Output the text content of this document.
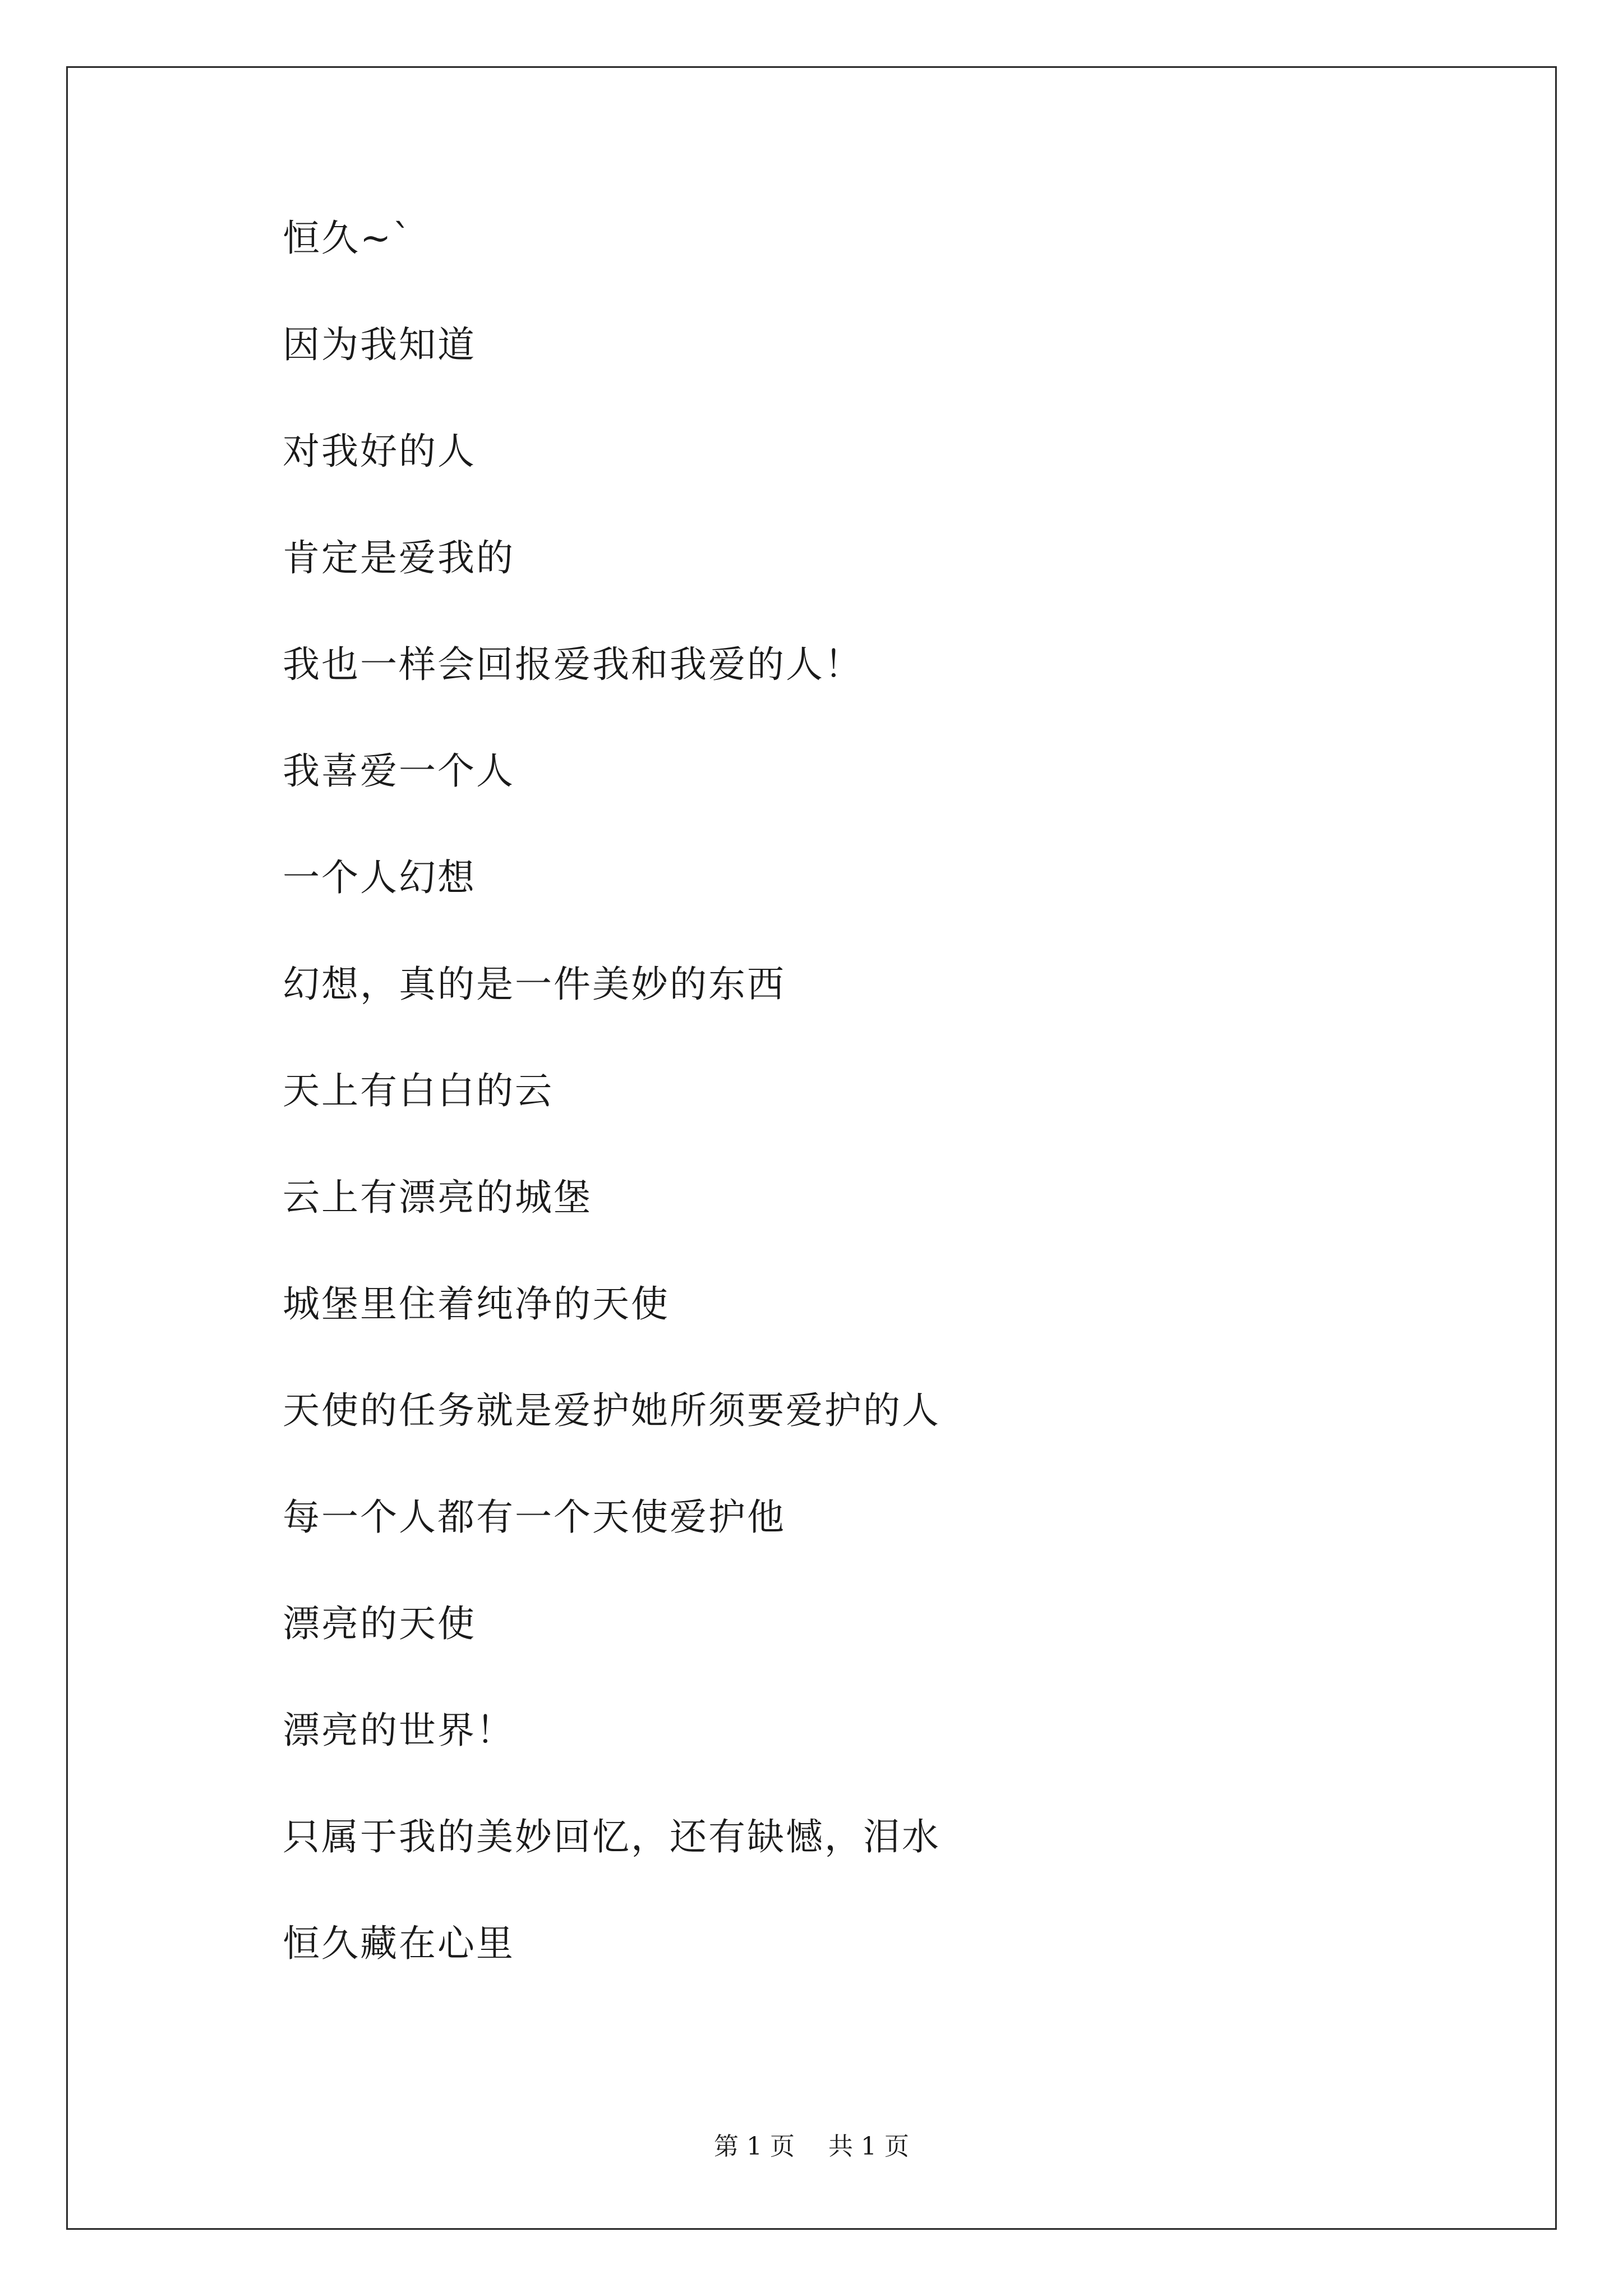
恒久~`
因为我知道
对我好的人
肯定是爱我的
我也一样会回报爱我和我爱的人！
我喜爱一个人
一个人幻想
幻想，真的是一件美妙的东西
天上有白白的云
云上有漂亮的城堡
城堡里住着纯净的天使
天使的任务就是爱护她所须要爱护的人
每一个人都有一个天使爱护他
漂亮的天使
漂亮的世界！
只属于我的美妙回忆，还有缺憾，泪水
恒久藏在心里
第 1 页 共 1 页
